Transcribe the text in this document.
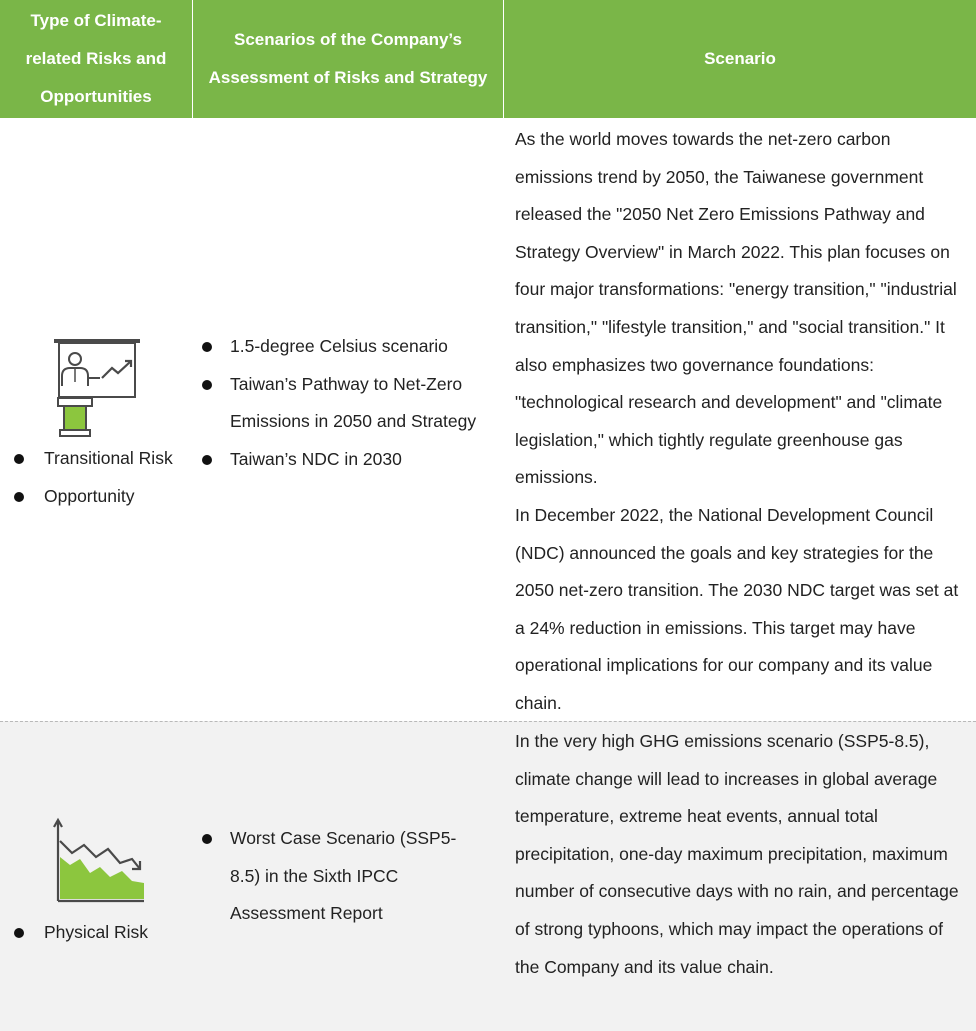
Type of Climate-
related Risks and
Opportunities
Scenarios of the Company’s
Assessment of Risks and Strategy
Scenario
Transitional Risk
Opportunity
1.5-degree Celsius scenario
Taiwan’s Pathway to Net-Zero Emissions in 2050 and Strategy
Taiwan’s NDC in 2030

As the world moves towards the net-zero carbon emissions trend by 2050, the Taiwanese government released the "2050 Net Zero Emissions Pathway and Strategy Overview" in March 2022. This plan focuses on four major transformations: "energy transition," "industrial transition," "lifestyle transition," and "social transition." It also emphasizes two governance foundations: "technological research and development" and "climate legislation," which tightly regulate greenhouse gas emissions.

In December 2022, the National Development Council (NDC) announced the goals and key strategies for the 2050 net-zero transition. The 2030 NDC target was set at a 24% reduction in emissions. This target may have operational implications for our company and its value chain.

Physical Risk
Worst Case Scenario (SSP5-8.5) in the Sixth IPCC Assessment Report

In the very high GHG emissions scenario (SSP5-8.5), climate change will lead to increases in global average temperature, extreme heat events, annual total precipitation, one-day maximum precipitation, maximum number of consecutive days with no rain, and percentage of strong typhoons, which may impact the operations of the Company and its value chain.
